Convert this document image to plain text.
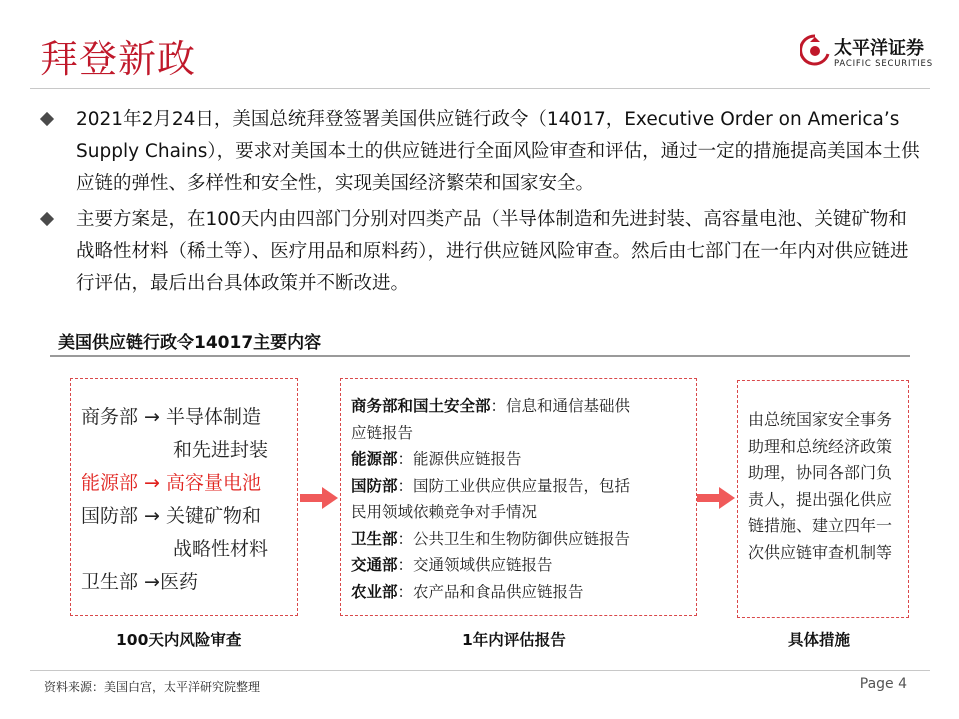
拜登新政	太平洋证券
PACIFIC SECURITIES
2021年2月24日，美国总统拜登签署美国供应链行政令（14017，Executive Order on America’s Supply Chains），要求对美国本土的供应链进行全面风险审查和评估，通过一定的措施提高美国本土供应链的弹性、多样性和安全性，实现美国经济繁荣和国家安全。
主要方案是，在100天内由四部门分别对四类产品（半导体制造和先进封装、高容量电池、关键矿物和战略性材料（稀土等）、医疗用品和原料药），进行供应链风险审查。然后由七部门在一年内对供应链进行评估，最后出台具体政策并不断改进。
美国供应链行政令14017主要内容
商务部 → 半导体制造
和先进封装
能源部 → 高容量电池
国防部 → 关键矿物和
战略性材料
卫生部 →医药
商务部和国土安全部：信息和通信基础供
应链报告
能源部：能源供应链报告
国防部：国防工业供应供应量报告，包括
民用领域依赖竞争对手情况
卫生部：公共卫生和生物防御供应链报告
交通部：交通领域供应链报告
农业部：农产品和食品供应链报告
由总统国家安全事务助理和总统经济政策助理，协同各部门负责人，提出强化供应链措施、建立四年一次供应链审查机制等
100天内风险审查	1年内评估报告	具体措施
资料来源：美国白宫，太平洋研究院整理	Page 4
